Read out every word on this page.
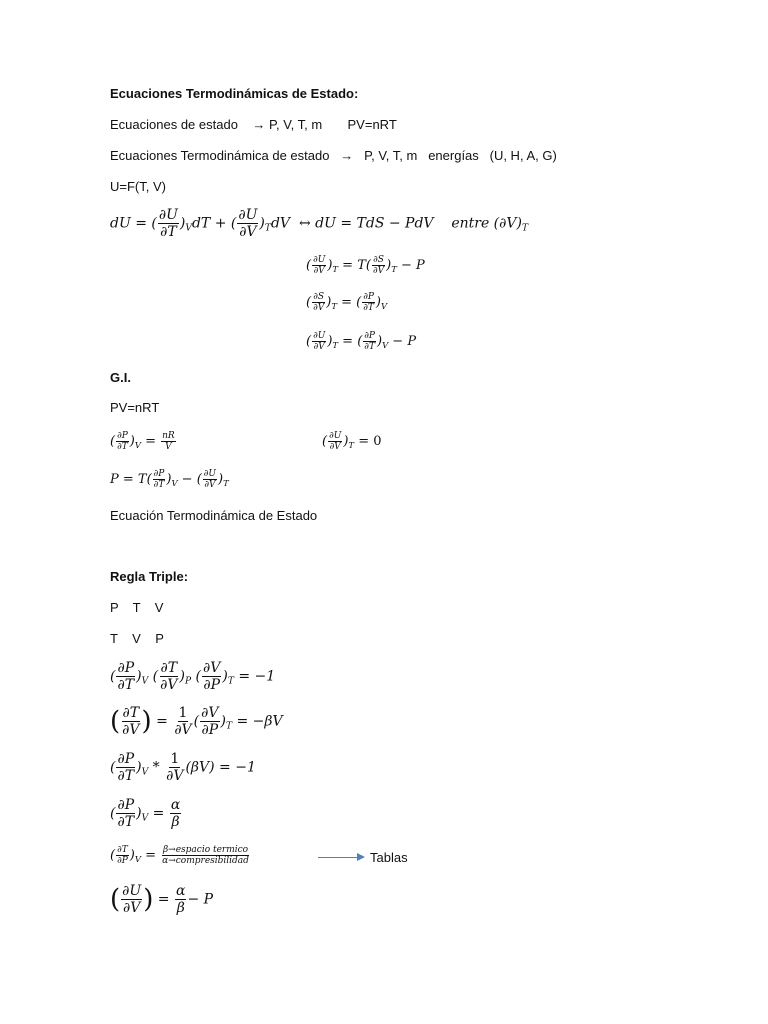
Ecuaciones Termodinámicas de Estado:
Ecuaciones de estado    → P, V, T, m       PV=nRT
Ecuaciones Termodinámica de estado   →   P, V, T, m   energías   (U, H, A, G)
U=F(T, V)
dU = ( $\frac{\partial U}{\partial T} )_VdT$ + ( $\frac{\partial U}{\partial V} )_TdV$  ↔ dU = TdS − PdV    entre $(\partial V)_T$
( $\frac{\partial U}{\partial V} )_T = T( \frac{\partial S}{\partial V} )_T - P$
( $\frac{\partial S}{\partial V} )_T$ = ( $\frac{\partial P}{\partial T} )_V$
( $\frac{\partial U}{\partial V} )_T$ = ( $\frac{\partial P}{\partial T} )_V - P$
G.I.
PV=nRT
( $\frac{\partial P}{\partial T} )_V = \frac{nR}{V}$	( $\frac{\partial U}{\partial V} )_T = 0$
$P = T( \frac{\partial P}{\partial T} )_V$ − ( $\frac{\partial U}{\partial V} )_T$
Ecuación Termodinámica de Estado
Regla Triple:
P    T    V
T    V    P
( $\frac{\partial P}{\partial T} )_V$ ( $\frac{\partial T}{\partial V} )_P$ ( $\frac{\partial V}{\partial P} )_T = -1$
( $\frac{\partial T}{\partial V}$ ) = $\frac{1}{\partial V}$ ( $\frac{\partial V}{\partial P} )_T = -\beta V$
( $\frac{\partial P}{\partial T} )_V * \frac{1}{\partial V} (\beta V) = -1$
( $\frac{\partial P}{\partial T} )_V = \frac{\alpha}{\beta}$
( $\frac{\partial T}{\partial P} )_V = \frac{\text{β→espacio termico}}{\text{α→compresibilidad}}$	Tablas
( $\frac{\partial U}{\partial V}$ ) = $\frac{\alpha}{\beta} - P$
